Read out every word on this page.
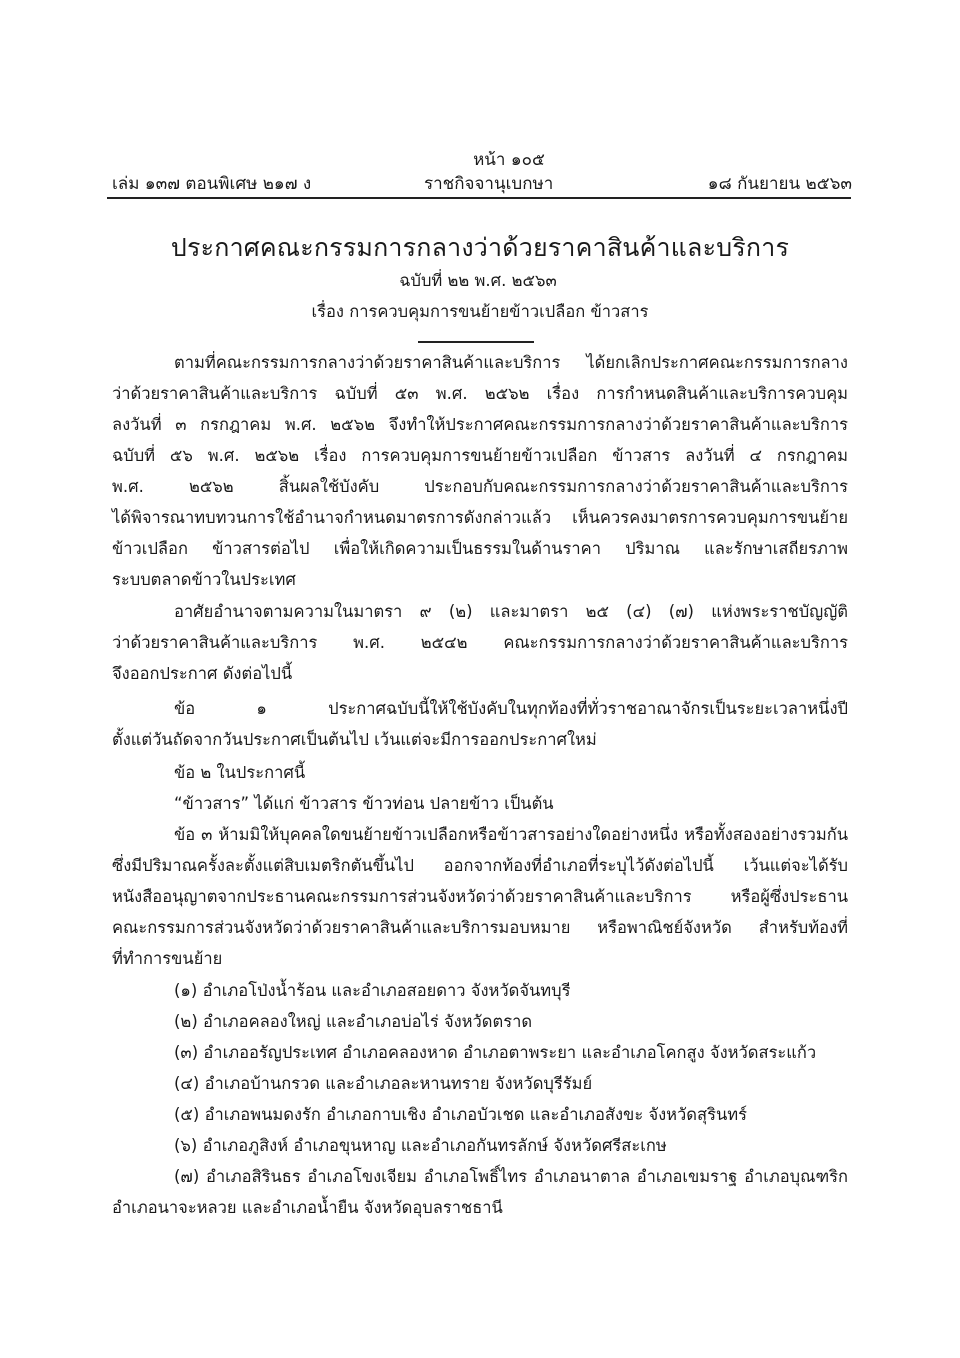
หน้า ๑๐๕
เล่ม ๑๓๗ ตอนพิเศษ ๒๑๗ ง	ราชกิจจานุเบกษา	๑๘ กันยายน ๒๕๖๓
ประกาศคณะกรรมการกลางว่าด้วยราคาสินค้าและบริการ
ฉบับที่ ๒๒ พ.ศ. ๒๕๖๓
เรื่อง การควบคุมการขนย้ายข้าวเปลือก ข้าวสาร
ตามที่คณะกรรมการกลางว่าด้วยราคาสินค้าและบริการ ได้ยกเลิกประกาศคณะกรรมการกลาง
ว่าด้วยราคาสินค้าและบริการ ฉบับที่ ๕๓ พ.ศ. ๒๕๖๒ เรื่อง การกำหนดสินค้าและบริการควบคุม
ลงวันที่ ๓ กรกฎาคม พ.ศ. ๒๕๖๒ จึงทำให้ประกาศคณะกรรมการกลางว่าด้วยราคาสินค้าและบริการ
ฉบับที่ ๕๖ พ.ศ. ๒๕๖๒ เรื่อง การควบคุมการขนย้ายข้าวเปลือก ข้าวสาร ลงวันที่ ๔ กรกฎาคม
พ.ศ. ๒๕๖๒ สิ้นผลใช้บังคับ ประกอบกับคณะกรรมการกลางว่าด้วยราคาสินค้าและบริการ
ได้พิจารณาทบทวนการใช้อำนาจกำหนดมาตรการดังกล่าวแล้ว เห็นควรคงมาตรการควบคุมการขนย้าย
ข้าวเปลือก ข้าวสารต่อไป เพื่อให้เกิดความเป็นธรรมในด้านราคา ปริมาณ และรักษาเสถียรภาพ
ระบบตลาดข้าวในประเทศ
อาศัยอำนาจตามความในมาตรา ๙ (๒) และมาตรา ๒๕ (๔) (๗) แห่งพระราชบัญญัติ
ว่าด้วยราคาสินค้าและบริการ พ.ศ. ๒๕๔๒ คณะกรรมการกลางว่าด้วยราคาสินค้าและบริการ
จึงออกประกาศ ดังต่อไปนี้
ข้อ ๑ ประกาศฉบับนี้ให้ใช้บังคับในทุกท้องที่ทั่วราชอาณาจักรเป็นระยะเวลาหนึ่งปี
ตั้งแต่วันถัดจากวันประกาศเป็นต้นไป เว้นแต่จะมีการออกประกาศใหม่
ข้อ ๒ ในประกาศนี้
“ข้าวสาร” ได้แก่ ข้าวสาร ข้าวท่อน ปลายข้าว เป็นต้น
ข้อ ๓ ห้ามมิให้บุคคลใดขนย้ายข้าวเปลือกหรือข้าวสารอย่างใดอย่างหนึ่ง หรือทั้งสองอย่างรวมกัน
ซึ่งมีปริมาณครั้งละตั้งแต่สิบเมตริกตันขึ้นไป ออกจากท้องที่อำเภอที่ระบุไว้ดังต่อไปนี้ เว้นแต่จะได้รับ
หนังสืออนุญาตจากประธานคณะกรรมการส่วนจังหวัดว่าด้วยราคาสินค้าและบริการ หรือผู้ซึ่งประธาน
คณะกรรมการส่วนจังหวัดว่าด้วยราคาสินค้าและบริการมอบหมาย หรือพาณิชย์จังหวัด สำหรับท้องที่
ที่ทำการขนย้าย
(๑) อำเภอโป่งน้ำร้อน และอำเภอสอยดาว จังหวัดจันทบุรี
(๒) อำเภอคลองใหญ่ และอำเภอบ่อไร่ จังหวัดตราด
(๓) อำเภออรัญประเทศ อำเภอคลองหาด อำเภอตาพระยา และอำเภอโคกสูง จังหวัดสระแก้ว
(๔) อำเภอบ้านกรวด และอำเภอละหานทราย จังหวัดบุรีรัมย์
(๕) อำเภอพนมดงรัก อำเภอกาบเชิง อำเภอบัวเชด และอำเภอสังขะ จังหวัดสุรินทร์
(๖) อำเภอภูสิงห์ อำเภอขุนหาญ และอำเภอกันทรลักษ์ จังหวัดศรีสะเกษ
(๗) อำเภอสิรินธร อำเภอโขงเจียม อำเภอโพธิ์ไทร อำเภอนาตาล อำเภอเขมราฐ อำเภอบุณฑริก
อำเภอนาจะหลวย และอำเภอน้ำยืน จังหวัดอุบลราชธานี
